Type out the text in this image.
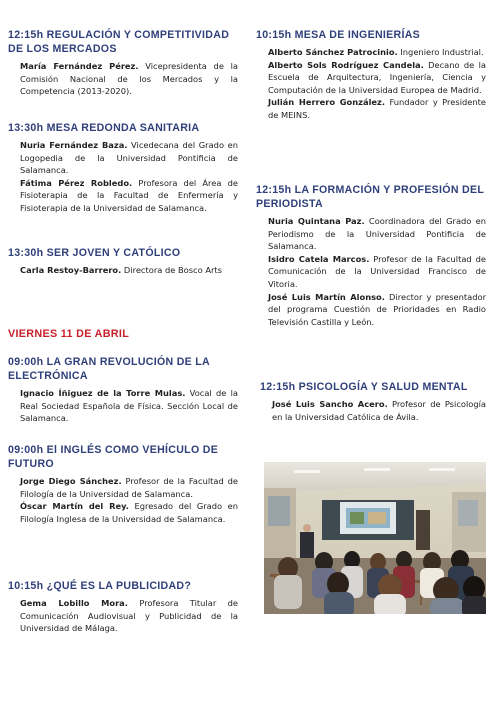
12:15h REGULACIÓN Y COMPETITIVIDAD DE LOS MERCADOS

María Fernández Pérez. Vicepresidenta de la Comisión Nacional de los Mercados y la Competencia (2013-2020).

13:30h MESA REDONDA SANITARIA

Nuria Fernández Baza. Vicedecana del Grado en Logopedia de la Universidad Pontificia de Salamanca.

Fátima Pérez Robledo. Profesora del Área de Fisioterapia de la Facultad de Enfermería y Fisioterapia de la Universidad de Salamanca.

13:30h SER JOVEN Y CATÓLICO

Carla Restoy-Barrero. Directora de Bosco Arts

VIERNES 11 DE ABRIL
09:00h LA GRAN REVOLUCIÓN DE LA ELECTRÓNICA

Ignacio Íñiguez de la Torre Mulas. Vocal de la Real Sociedad Española de Física. Sección Local de Salamanca.

09:00h El INGLÉS COMO VEHÍCULO DE FUTURO

Jorge Diego Sánchez. Profesor de la Facultad de Filología de la Universidad de Salamanca.

Óscar Martín del Rey. Egresado del Grado en Filología Inglesa de la Universidad de Salamanca.

10:15h ¿QUÉ ES LA PUBLICIDAD?

Gema Lobillo Mora. Profesora Titular de Comunicación Audiovisual y Publicidad de la Universidad de Málaga.

10:15h MESA DE INGENIERÍAS

Alberto Sánchez Patrocinio. Ingeniero Industrial.

Alberto Sols Rodríguez Candela. Decano de la Escuela de Arquitectura, Ingeniería, Ciencia y Computación de la Universidad Europea de Madrid.

Julián Herrero González. Fundador y Presidente de MEINS.

12:15h LA FORMACIÓN Y PROFESIÓN DEL PERIODISTA

Nuria Quintana Paz. Coordinadora del Grado en Periodismo de la Universidad Pontificia de Salamanca.

Isidro Catela Marcos. Profesor de la Facultad de Comunicación de la Universidad Francisco de Vitoria.

José Luis Martín Alonso. Director y presentador del programa Cuestión de Prioridades en Radio Televisión Castilla y León.

12:15h PSICOLOGÍA Y SALUD MENTAL

José Luis Sancho Acero. Profesor de Psicología en la Universidad Católica de Ávila.
